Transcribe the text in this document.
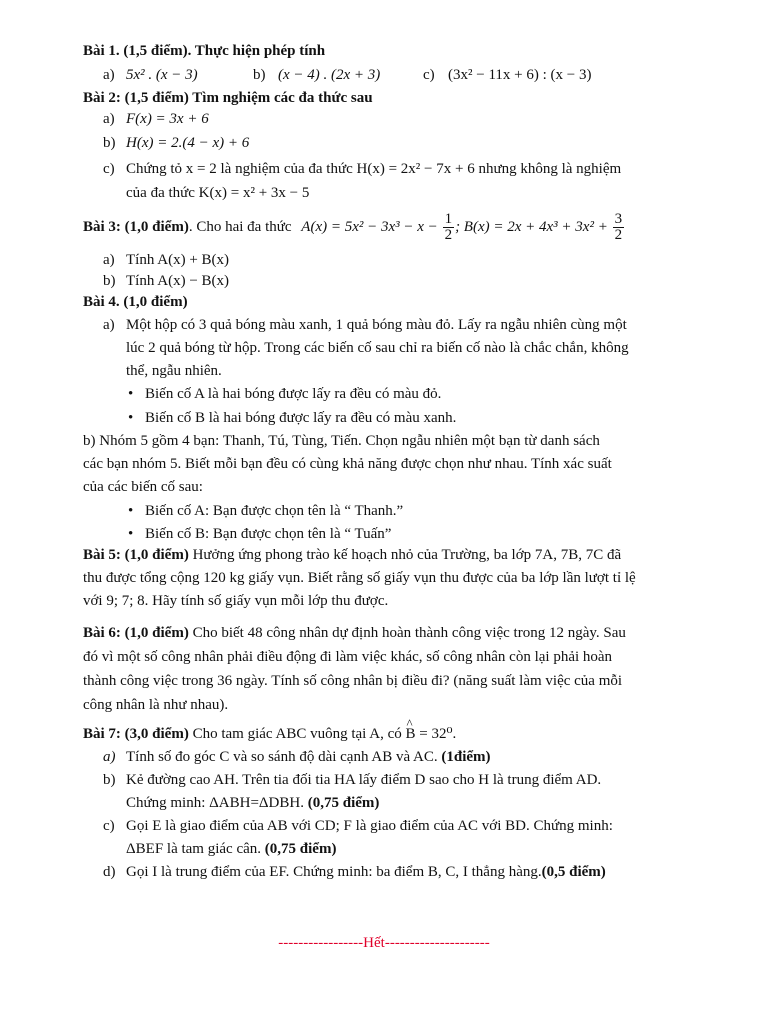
Bài 1. (1,5 điểm). Thực hiện phép tính
a) 5x² . (x − 3)	b) (x − 4) . (2x + 3)	c) (3x² − 11x + 6) : (x − 3)
Bài 2: (1,5 điểm) Tìm nghiệm các đa thức sau
a) F(x) = 3x + 6
b) H(x) = 2.(4 − x) + 6
c) Chứng tỏ x = 2 là nghiệm của đa thức H(x) = 2x² − 7x + 6 nhưng không là nghiệm
của đa thức K(x) = x² + 3x − 5
Bài 3: (1,0 điểm). Cho hai đa thức $A(x) = 5x^2 - 3x^3 - x - \frac{1}{2}$ ; $B(x) = 2x + 4x^3 + 3x^2 + \frac{3}{2}$
a) Tính A(x) + B(x)
b) Tính A(x) − B(x)
Bài 4. (1,0 điểm)
a) Một hộp có 3 quả bóng màu xanh, 1 quả bóng màu đỏ. Lấy ra ngẫu nhiên cùng một
lúc 2 quả bóng từ hộp. Trong các biến cố sau chỉ ra biến cố nào là chắc chắn, không
thể, ngẫu nhiên.
• Biến cố A là hai bóng được lấy ra đều có màu đỏ.
• Biến cố B là hai bóng được lấy ra đều có màu xanh.
b) Nhóm 5 gồm 4 bạn: Thanh, Tú, Tùng, Tiến. Chọn ngẫu nhiên một bạn từ danh sách
các bạn nhóm 5. Biết mỗi bạn đều có cùng khả năng được chọn như nhau. Tính xác suất
của các biến cố sau:
• Biến cố A: Bạn được chọn tên là “ Thanh.”
• Biến cố B: Bạn được chọn tên là “ Tuấn”
Bài 5: (1,0 điểm) Hưởng ứng phong trào kế hoạch nhỏ của Trường, ba lớp 7A, 7B, 7C đã
thu được tổng cộng 120 kg giấy vụn. Biết rằng số giấy vụn thu được của ba lớp lần lượt tỉ lệ
với 9; 7; 8. Hãy tính số giấy vụn mỗi lớp thu được.
Bài 6: (1,0 điểm) Cho biết 48 công nhân dự định hoàn thành công việc trong 12 ngày. Sau
đó vì một số công nhân phải điều động đi làm việc khác, số công nhân còn lại phải hoàn
thành công việc trong 36 ngày. Tính số công nhân bị điều đi? (năng suất làm việc của mỗi
công nhân là như nhau).
Bài 7: (3,0 điểm) Cho tam giác ABC vuông tại A, có ^ B = 32⁰.
a) Tính số đo góc C và so sánh độ dài cạnh AB và AC. (1điểm)
b) Kẻ đường cao AH. Trên tia đối tia HA lấy điểm D sao cho H là trung điểm AD.
Chứng minh: ΔABH=ΔDBH. (0,75 điểm)
c) Gọi E là giao điểm của AB với CD; F là giao điểm của AC với BD. Chứng minh:
ΔBEF là tam giác cân. (0,75 điểm)
d) Gọi I là trung điểm của EF. Chứng minh: ba điểm B, C, I thẳng hàng.(0,5 điểm)
-----------------Hết---------------------
